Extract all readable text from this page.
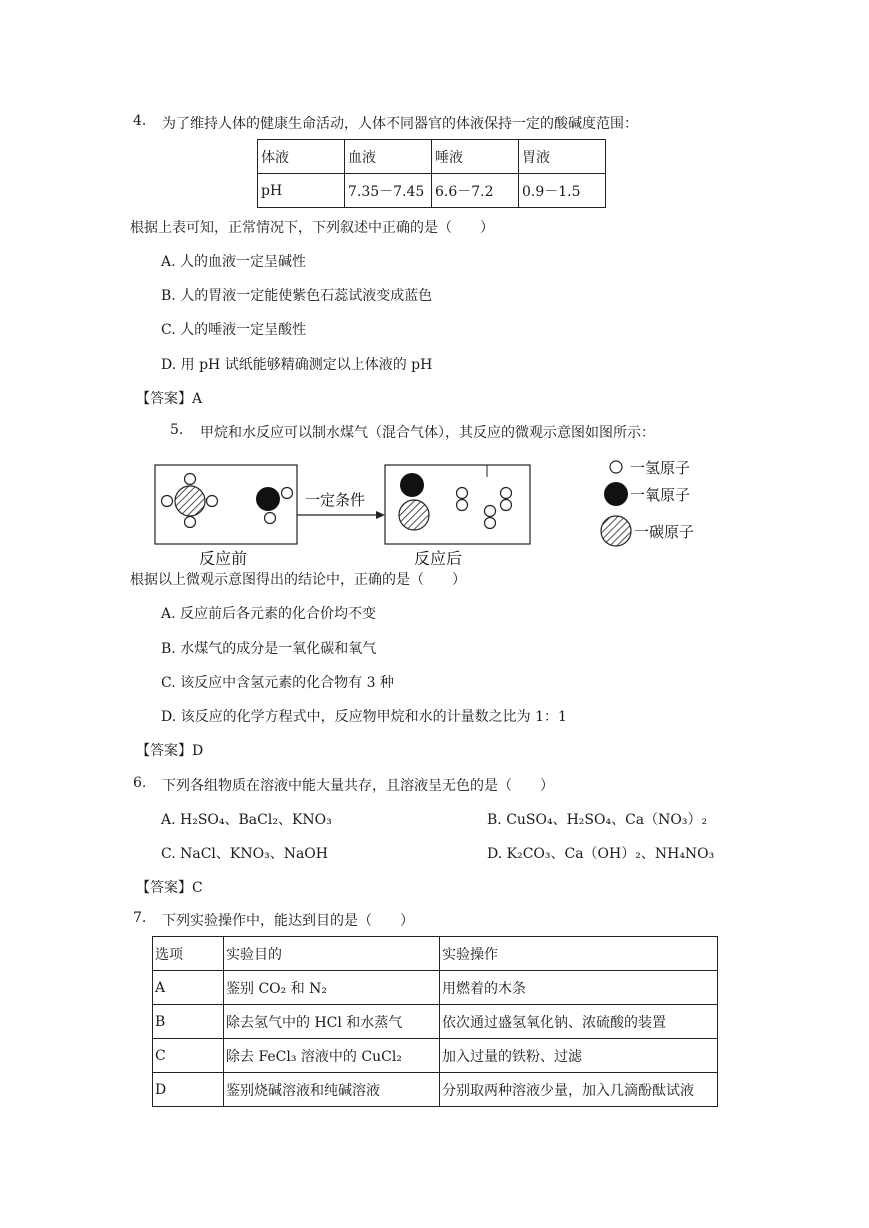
4. 为了维持人体的健康生命活动，人体不同器官的体液保持一定的酸碱度范围：
体液	血液	唾液	胃液
pH	7.35－7.45	6.6－7.2	0.9－1.5
根据上表可知，正常情况下，下列叙述中正确的是（　　）
A. 人的血液一定呈碱性
B. 人的胃液一定能使紫色石蕊试液变成蓝色
C. 人的唾液一定呈酸性
D. 用 pH 试纸能够精确测定以上体液的 pH
【答案】A
5. 甲烷和水反应可以制水煤气（混合气体），其反应的微观示意图如图所示：
一定条件
反应前	反应后
一氢原子
一氧原子
一碳原子
根据以上微观示意图得出的结论中，正确的是（　　）
A. 反应前后各元素的化合价均不变
B. 水煤气的成分是一氧化碳和氧气
C. 该反应中含氢元素的化合物有 3 种
D. 该反应的化学方程式中，反应物甲烷和水的计量数之比为 1：1
【答案】D
6. 下列各组物质在溶液中能大量共存，且溶液呈无色的是（　　）
A. H₂SO₄、BaCl₂、KNO₃	B. CuSO₄、H₂SO₄、Ca（NO₃）₂
C. NaCl、KNO₃、NaOH	D. K₂CO₃、Ca（OH）₂、NH₄NO₃
【答案】C
7. 下列实验操作中，能达到目的是（　　）
选项	实验目的	实验操作
A	鉴别 CO₂ 和 N₂	用燃着的木条
B	除去氢气中的 HCl 和水蒸气	依次通过盛氢氧化钠、浓硫酸的装置
C	除去 FeCl₃ 溶液中的 CuCl₂	加入过量的铁粉、过滤
D	鉴别烧碱溶液和纯碱溶液	分别取两种溶液少量，加入几滴酚酞试液
